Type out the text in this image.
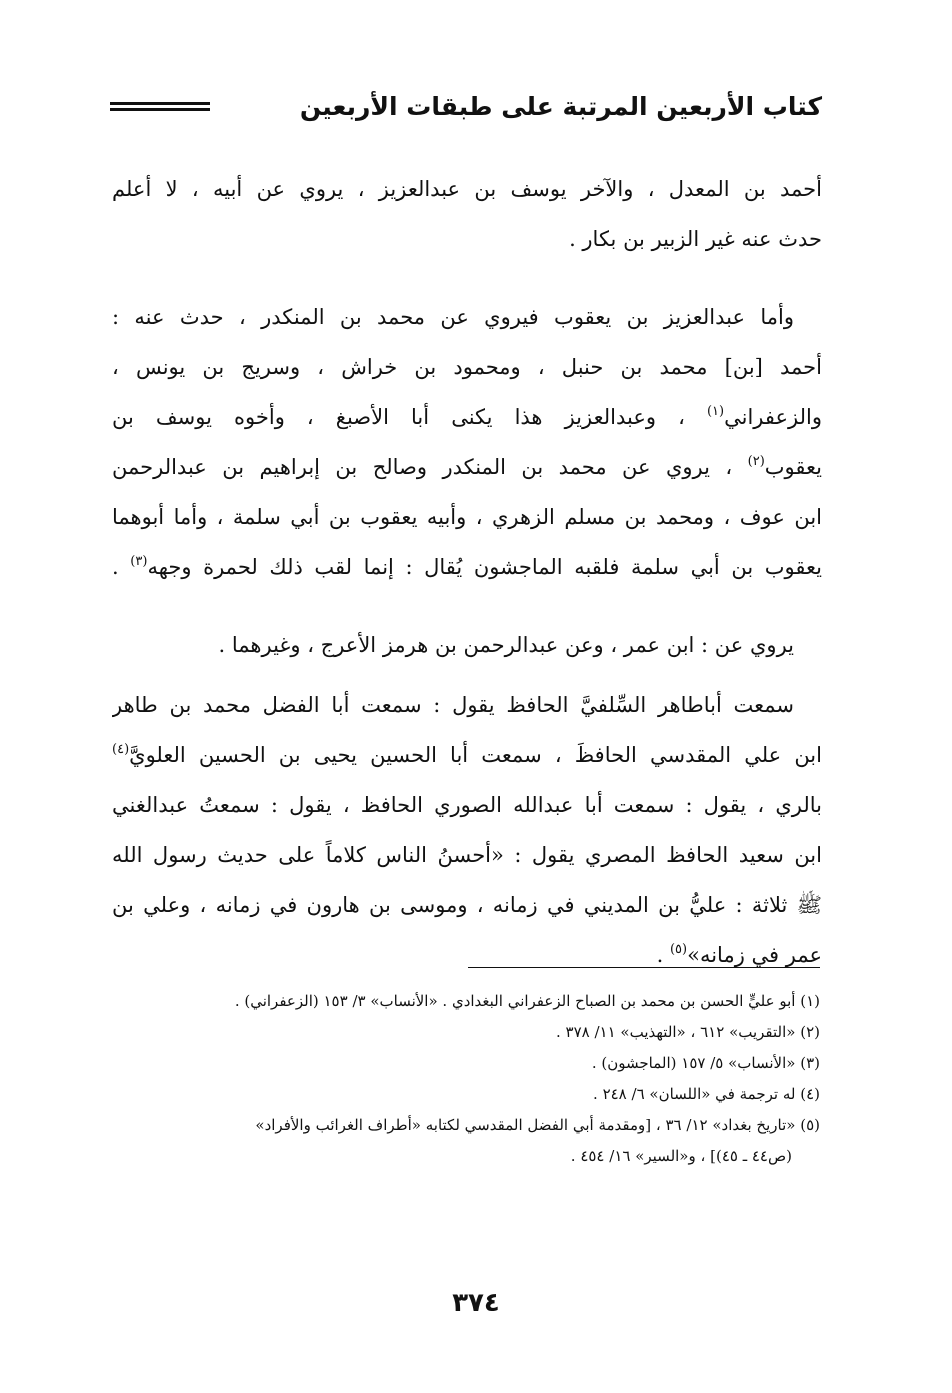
كتاب الأربعين المرتبة على طبقات الأربعين
أحمد بن المعدل ، والآخر يوسف بن عبدالعزيز ، يروي عن أبيه ، لا أعلم
حدث عنه غير الزبير بن بكار .
وأما عبدالعزيز بن يعقوب فيروي عن محمد بن المنكدر ، حدث عنه :
أحمد [بن] محمد بن حنبل ، ومحمود بن خراش ، وسريج بن يونس ،
والزعفراني$^{(١)}$ ، وعبدالعزيز هذا يكنى أبا الأصبغ ، وأخوه يوسف بن
يعقوب$^{(٢)}$ ، يروي عن محمد بن المنكدر وصالح بن إبراهيم بن عبدالرحمن
ابن عوف ، ومحمد بن مسلم الزهري ، وأبيه يعقوب بن أبي سلمة ، وأما أبوهما
يعقوب بن أبي سلمة فلقبه الماجشون يُقال : إنما لقب ذلك لحمرة وجهه$^{(٣)}$ .
يروي عن : ابن عمر ، وعن عبدالرحمن بن هرمز الأعرج ، وغيرهما .
سمعت أباطاهر السِّلفيَّ الحافظ يقول : سمعت أبا الفضل محمد بن طاهر
ابن علي المقدسي الحافظَ ، سمعت أبا الحسين يحيى بن الحسين العلويَّ$^{(٤)}$
بالري ، يقول : سمعت أبا عبدالله الصوري الحافظ ، يقول : سمعتُ عبدالغني
ابن سعيد الحافظ المصري يقول : «أحسنُ الناس كلاماً على حديث رسول الله
ﷺ ثلاثة : عليُّ بن المديني في زمانه ، وموسى بن هارون في زمانه ، وعلي بن
عمر في زمانه»$^{(٥)}$ .
(١) أبو عليٍّ الحسن بن محمد بن الصباح الزعفراني البغدادي . «الأنساب» ٣/ ١٥٣ (الزعفراني) .
(٢) «التقريب» ٦١٢ ، «التهذيب» ١١/ ٣٧٨ .
(٣) «الأنساب» ٥/ ١٥٧ (الماجشون) .
(٤) له ترجمة في «اللسان» ٦/ ٢٤٨ .
(٥) «تاريخ بغداد» ١٢/ ٣٦ ، [ومقدمة أبي الفضل المقدسي لكتابه «أطراف الغرائب والأفراد»
(ص٤٤ ـ ٤٥)] ، و«السير» ١٦/ ٤٥٤ .
٣٧٤
